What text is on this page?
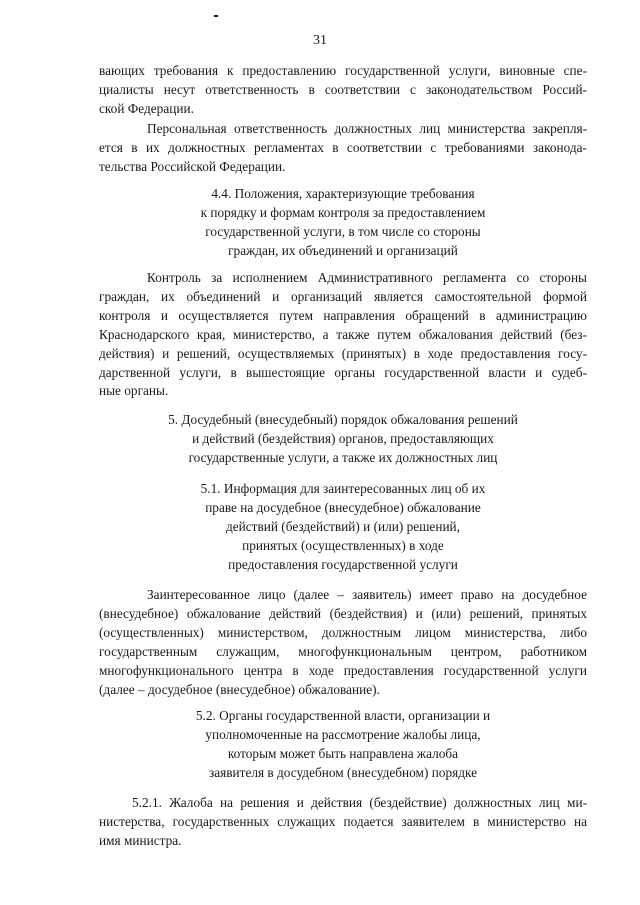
31
вающих требования к предоставлению государственной услуги, виновные спе-
циалисты несут ответственность в соответствии с законодательством Россий-
ской Федерации.
Персональная ответственность должностных лиц министерства закрепля-
ется в их должностных регламентах в соответствии с требованиями законода-
тельства Российской Федерации.
4.4. Положения, характеризующие требования
к порядку и формам контроля за предоставлением
государственной услуги, в том числе со стороны
граждан, их объединений и организаций
Контроль за исполнением Административного регламента со стороны
граждан, их объединений и организаций является самостоятельной формой
контроля и осуществляется путем направления обращений в администрацию
Краснодарского края, министерство, а также путем обжалования действий (без-
действия) и решений, осуществляемых (принятых) в ходе предоставления госу-
дарственной услуги, в вышестоящие органы государственной власти и судеб-
ные органы.
5. Досудебный (внесудебный) порядок обжалования решений
и действий (бездействия) органов, предоставляющих
государственные услуги, а также их должностных лиц
5.1. Информация для заинтересованных лиц об их
праве на досудебное (внесудебное) обжалование
действий (бездействий) и (или) решений,
принятых (осуществленных) в ходе
предоставления государственной услуги
Заинтересованное лицо (далее – заявитель) имеет право на досудебное
(внесудебное) обжалование действий (бездействия) и (или) решений, принятых
(осуществленных) министерством, должностным лицом министерства, либо
государственным служащим, многофункциональным центром, работником
многофункционального центра в ходе предоставления государственной услуги
(далее – досудебное (внесудебное) обжалование).
5.2. Органы государственной власти, организации и
уполномоченные на рассмотрение жалобы лица,
которым может быть направлена жалоба
заявителя в досудебном (внесудебном) порядке
5.2.1. Жалоба на решения и действия (бездействие) должностных лиц ми-
нистерства, государственных служащих подается заявителем в министерство на
имя министра.
